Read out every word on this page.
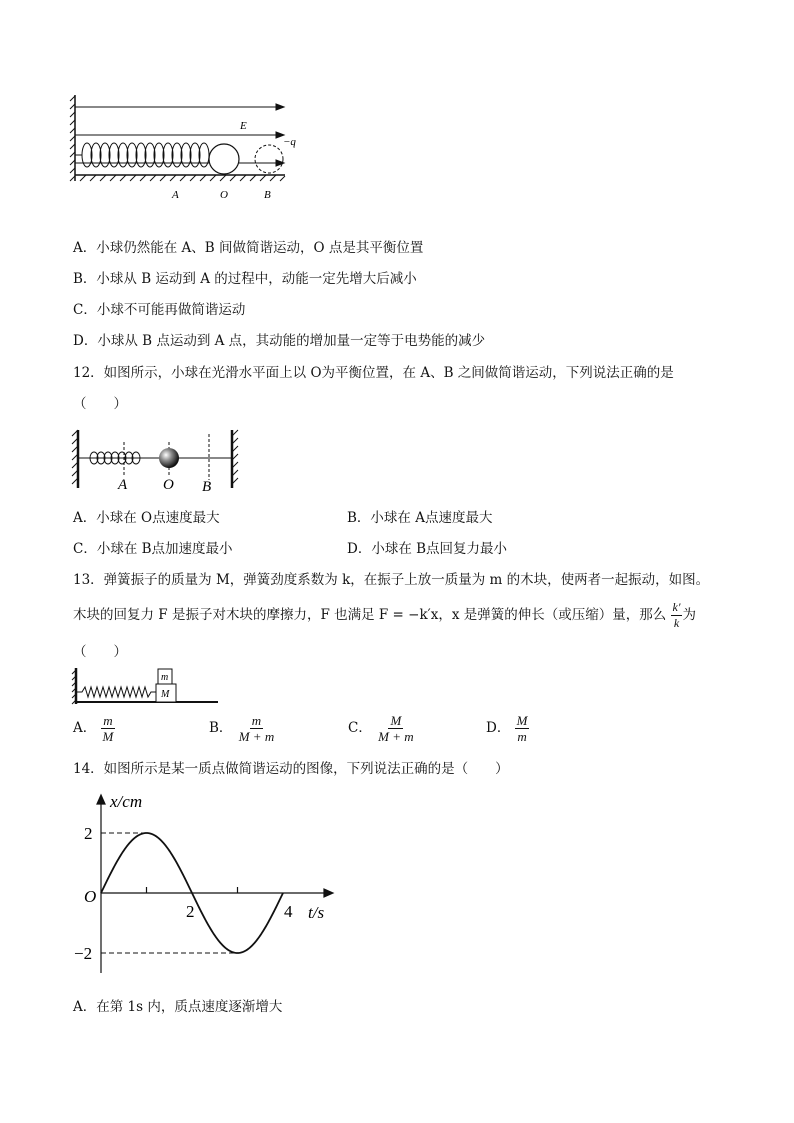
E
−q
A	O	B
A．小球仍然能在 A、B 间做简谐运动，O 点是其平衡位置
B．小球从 B 运动到 A 的过程中，动能一定先增大后减小
C．小球不可能再做简谐运动
D．小球从 B 点运动到 A 点，其动能的增加量一定等于电势能的减少
12．如图所示，小球在光滑水平面上以 O为平衡位置，在 A、B 之间做简谐运动，下列说法正确的是
（　　）
A O B
A．小球在 O点速度最大	B．小球在 A点速度最大
C．小球在 B点加速度最小	D．小球在 B点回复力最小
13．弹簧振子的质量为 M，弹簧劲度系数为 k，在振子上放一质量为 m 的木块，使两者一起振动，如图。
木块的回复力 F 是振子对木块的摩擦力，F 也满足 F = −k′x，x 是弹簧的伸长（或压缩）量，那么 $\frac{k'}{k}$ 为
（　　）
m
M
A． $\frac{m}{M}$	B． $\frac{m}{M + m}$	C． $\frac{M}{M + m}$	D． $\frac{M}{m}$
14．如图所示是某一质点做简谐运动的图像，下列说法正确的是（　　）
2	4
2
−2
x/cm
t/s
O
A．在第 1s 内，质点速度逐渐增大
